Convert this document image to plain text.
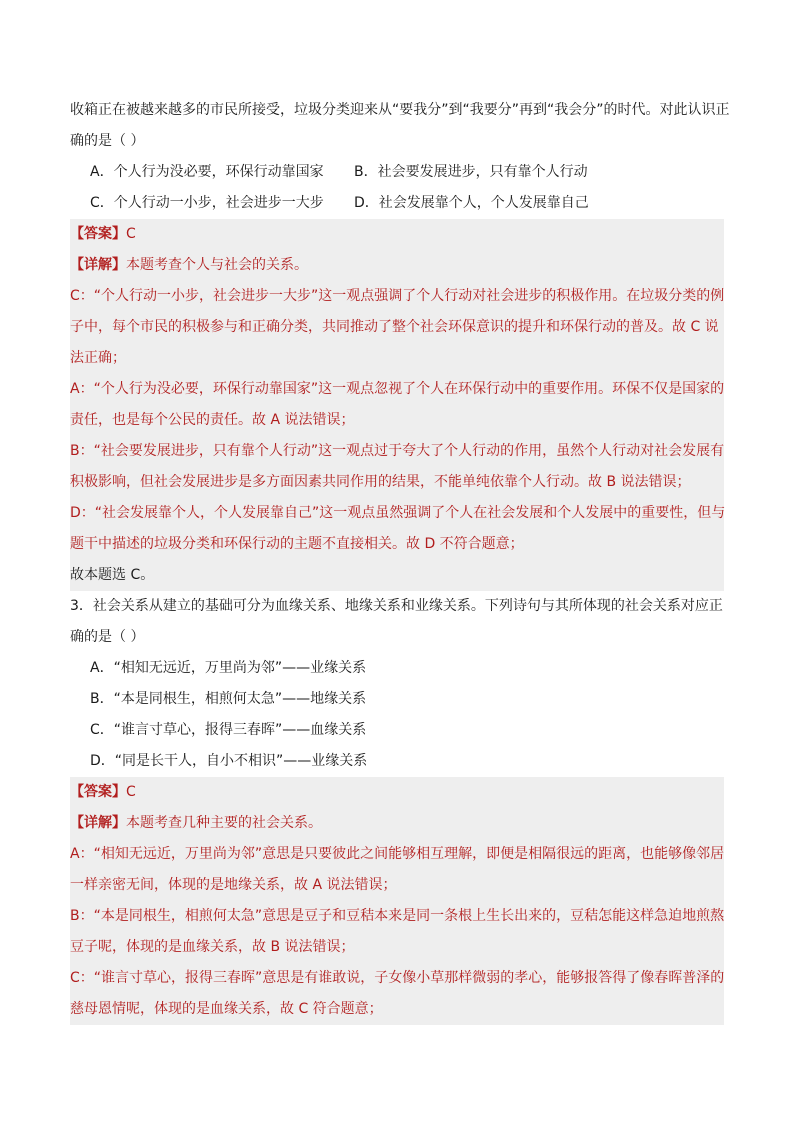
收箱正在被越来越多的市民所接受，垃圾分类迎来从“要我分”到“我要分”再到“我会分”的时代。对此认识正
确的是（ ）
A．个人行为没必要，环保行动靠国家	B．社会要发展进步，只有靠个人行动
C．个人行动一小步，社会进步一大步	D．社会发展靠个人，个人发展靠自己
【答案】C
【详解】本题考查个人与社会的关系。
C：“个人行动一小步，社会进步一大步”这一观点强调了个人行动对社会进步的积极作用。在垃圾分类的例
子中，每个市民的积极参与和正确分类，共同推动了整个社会环保意识的提升和环保行动的普及。故 C 说
法正确；
A：“个人行为没必要，环保行动靠国家”这一观点忽视了个人在环保行动中的重要作用。环保不仅是国家的
责任，也是每个公民的责任。故 A 说法错误；
B：“社会要发展进步，只有靠个人行动”这一观点过于夸大了个人行动的作用，虽然个人行动对社会发展有
积极影响，但社会发展进步是多方面因素共同作用的结果，不能单纯依靠个人行动。故 B 说法错误；
D：“社会发展靠个人，个人发展靠自己”这一观点虽然强调了个人在社会发展和个人发展中的重要性，但与
题干中描述的垃圾分类和环保行动的主题不直接相关。故 D 不符合题意；
故本题选 C。
3．社会关系从建立的基础可分为血缘关系、地缘关系和业缘关系。下列诗句与其所体现的社会关系对应正
确的是（ ）
A．“相知无远近，万里尚为邻”——业缘关系
B．“本是同根生，相煎何太急”——地缘关系
C．“谁言寸草心，报得三春晖”——血缘关系
D．“同是长干人，自小不相识”——业缘关系
【答案】C
【详解】本题考查几种主要的社会关系。
A：“相知无远近，万里尚为邻”意思是只要彼此之间能够相互理解，即便是相隔很远的距离，也能够像邻居
一样亲密无间，体现的是地缘关系，故 A 说法错误；
B：“本是同根生，相煎何太急”意思是豆子和豆秸本来是同一条根上生长出来的，豆秸怎能这样急迫地煎熬
豆子呢，体现的是血缘关系，故 B 说法错误；
C：“谁言寸草心，报得三春晖”意思是有谁敢说，子女像小草那样微弱的孝心，能够报答得了像春晖普泽的
慈母恩情呢，体现的是血缘关系，故 C 符合题意；
